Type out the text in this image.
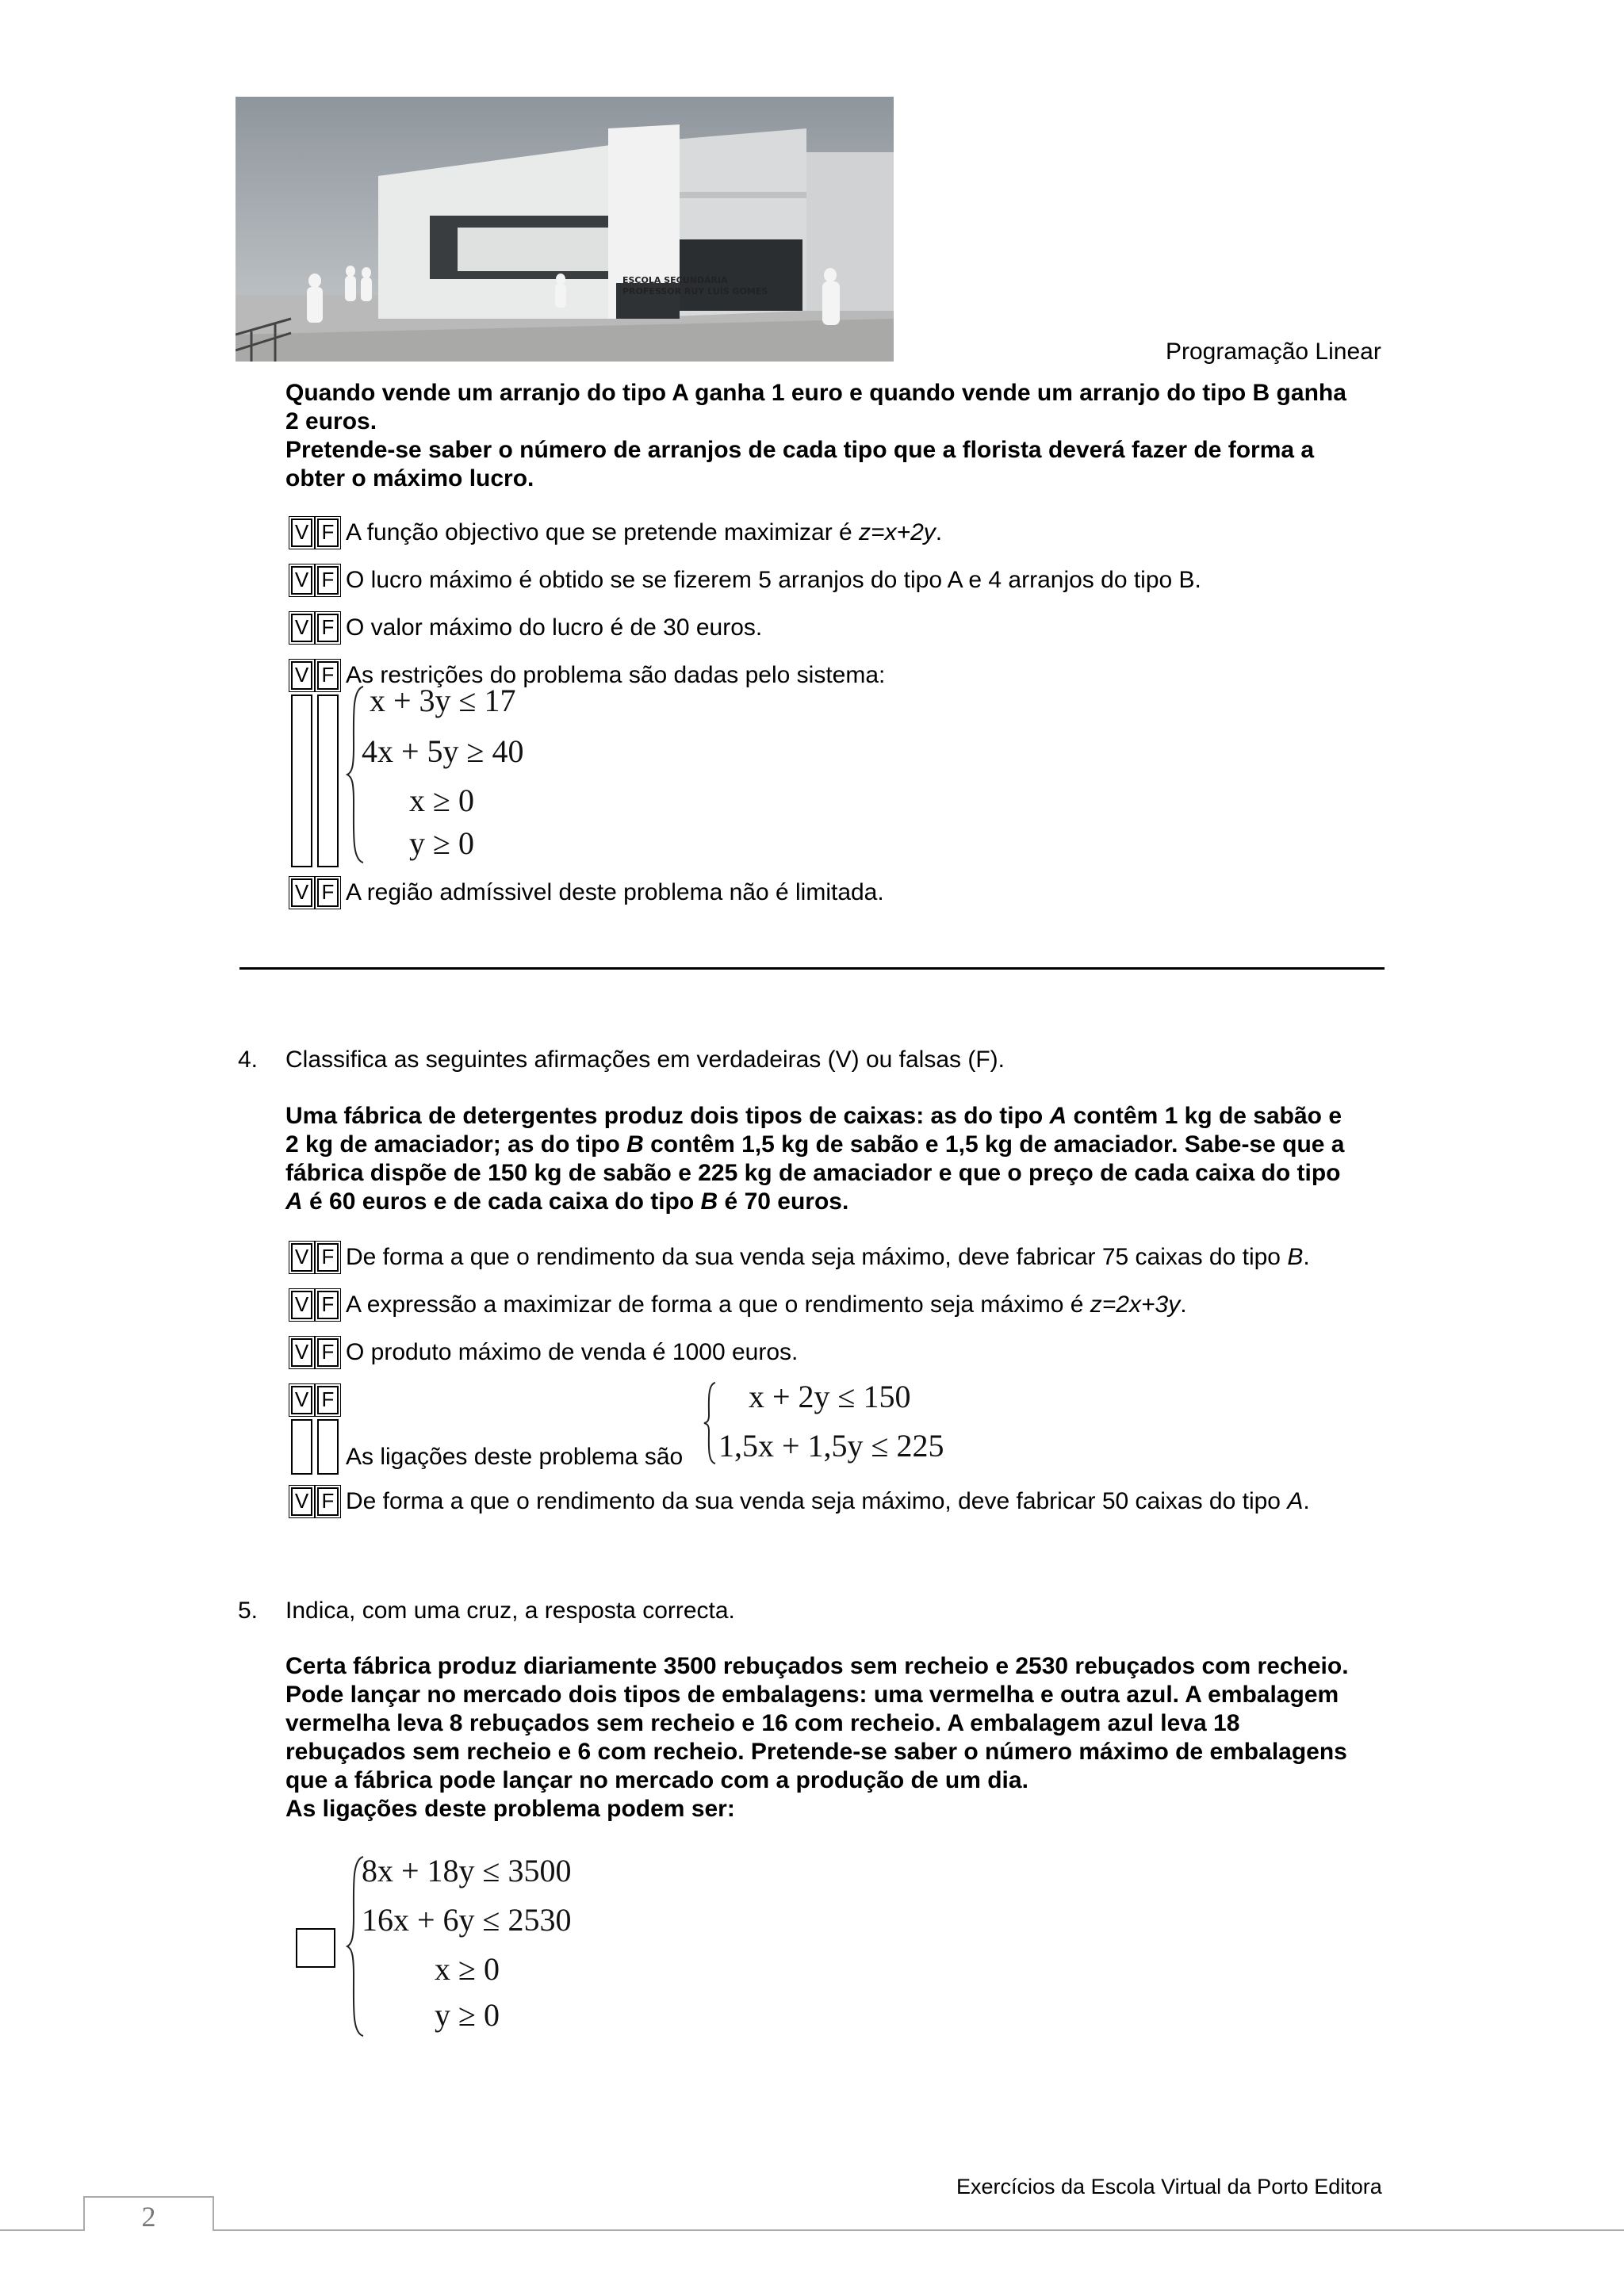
ESCOLA SECUNDÁRIA
PROFESSOR RUY LUÍS GOMES
Programação Linear
Quando vende um arranjo do tipo A ganha 1 euro e quando vende um arranjo do tipo B ganha
2 euros.
Pretende-se saber o número de arranjos de cada tipo que a florista deverá fazer de forma a
obter o máximo lucro.
V F A função objectivo que se pretende maximizar é z=x+2y.
V F O lucro máximo é obtido se se fizerem 5 arranjos do tipo A e 4 arranjos do tipo B.
V F O valor máximo do lucro é de 30 euros.
V F As restrições do problema são dadas pelo sistema:
x + 3y ≤ 17
4x + 5y ≥ 40
x ≥ 0
y ≥ 0
V F A região admíssivel deste problema não é limitada.
4. Classifica as seguintes afirmações em verdadeiras (V) ou falsas (F).
Uma fábrica de detergentes produz dois tipos de caixas: as do tipo A contêm 1 kg de sabão e
2 kg de amaciador; as do tipo B contêm 1,5 kg de sabão e 1,5 kg de amaciador. Sabe-se que a
fábrica dispõe de 150 kg de sabão e 225 kg de amaciador e que o preço de cada caixa do tipo
A é 60 euros e de cada caixa do tipo B é 70 euros.
V F De forma a que o rendimento da sua venda seja máximo, deve fabricar 75 caixas do tipo B.
V F A expressão a maximizar de forma a que o rendimento seja máximo é z=2x+3y.
V F O produto máximo de venda é 1000 euros.
V F
As ligações deste problema são
x + 2y ≤ 150
1,5x + 1,5y ≤ 225
V F De forma a que o rendimento da sua venda seja máximo, deve fabricar 50 caixas do tipo A.
5. Indica, com uma cruz, a resposta correcta.
Certa fábrica produz diariamente 3500 rebuçados sem recheio e 2530 rebuçados com recheio.
Pode lançar no mercado dois tipos de embalagens: uma vermelha e outra azul. A embalagem
vermelha leva 8 rebuçados sem recheio e 16 com recheio. A embalagem azul leva 18
rebuçados sem recheio e 6 com recheio. Pretende-se saber o número máximo de embalagens
que a fábrica pode lançar no mercado com a produção de um dia.
As ligações deste problema podem ser:
8x + 18y ≤ 3500
16x + 6y ≤ 2530
x ≥ 0
y ≥ 0
Exercícios da Escola Virtual da Porto Editora
2
